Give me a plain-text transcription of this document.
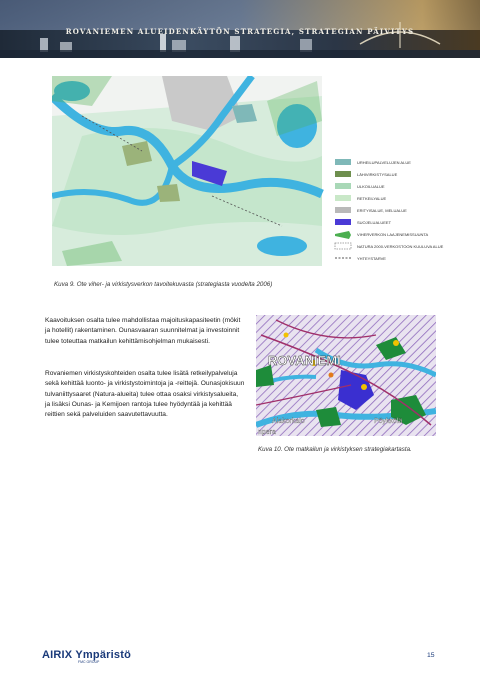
ROVANIEMEN ALUEIDENKÄYTÖN STRATEGIA, STRATEGIAN PÄIVITYS
URHEILUPALVELUJEN ALUE
LÄHIVIRKISTYSALUE
ULKOILUALUE
RETKEILYALUE
ERITYISALUE, MELUALUE
SUOJELUALUEET
VIHERVERKON LAAJENEMISSUUNTA
NATURA 2000-VERKOSTOON KUULUVA ALUE
YHTEYSTARVE
Kuva 9. Ote viher- ja virkistysverkon tavoitekuvasta (strategiasta vuodelta 2006)
Kaavoituksen osalta tulee mahdollistaa majoituskapasiteetin (mökit ja hotellit) rakentaminen. Ounasvaaran suunnitelmat ja investoinnit tulee toteuttaa matkailun kehittämisohjelman mukaisesti.
Rovaniemen virkistyskohteiden osalta tulee lisätä retkeilypalveluja sekä kehittää luonto- ja virkistystoimintoja ja -reittejä. Ounasjokisuun tulvaniittysaaret (Natura-alueita) tulee ottaa osaksi virkistysalueita, ja lisäksi Ounas- ja Kemijoen rantoja tulee hyödyntää ja kehittää reittien sekä palveluiden saavutettavuutta.
ROVANIEMI
Alakorkalo	Pöykkölä
npera
Kuva 10. Ote matkailun ja virkistyksen strategiakartasta.
AIRIX Ympäristö
FMC GROUP
15
